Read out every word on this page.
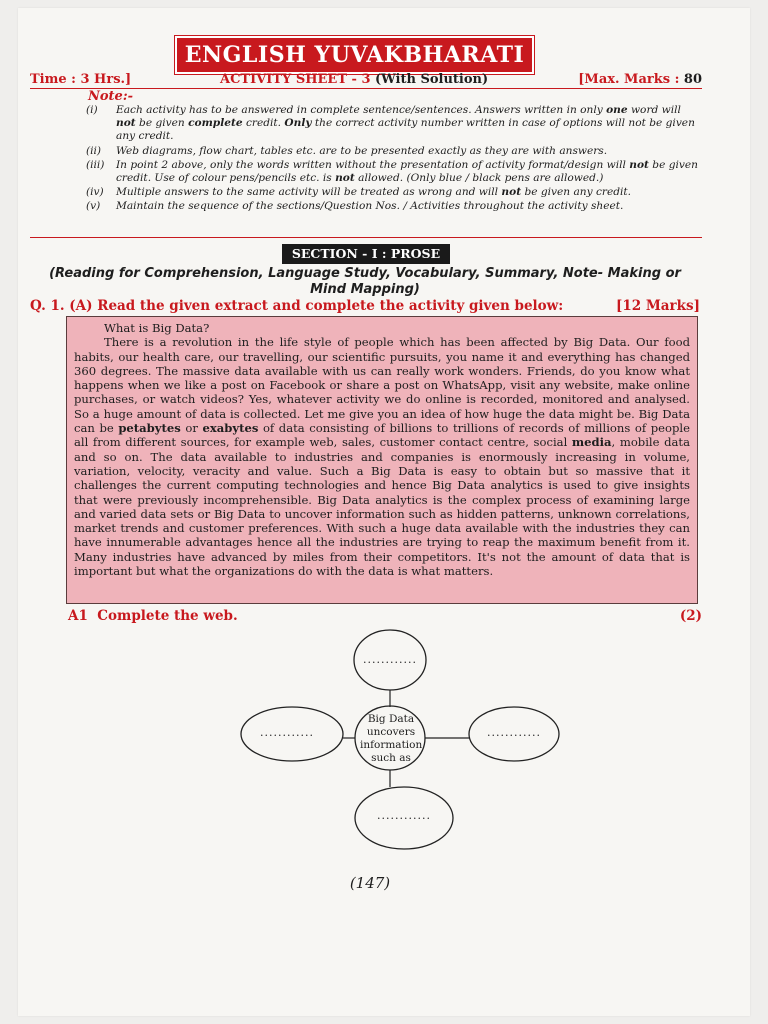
ENGLISH YUVAKBHARATI
Time : 3 Hrs.]	ACTIVITY SHEET - 3 (With Solution)	[Max. Marks : 80
Note:-
(i)	Each activity has to be answered in complete sentence/sentences. Answers written in only one word will not be given complete credit. Only the correct activity number written in case of options will not be given any credit.
(ii)	Web diagrams, flow chart, tables etc. are to be presented exactly as they are with answers.
(iii)	In point 2 above, only the words written without the presentation of activity format/design will not be given credit. Use of colour pens/pencils etc. is not allowed. (Only blue / black pens are allowed.)
(iv)	Multiple answers to the same activity will be treated as wrong and will not be given any credit.
(v)	Maintain the sequence of the sections/Question Nos. / Activities throughout the activity sheet.
SECTION - I : PROSE
(Reading for Comprehension, Language Study, Vocabulary, Summary, Note- Making or Mind Mapping)
Q. 1. (A) Read the given extract and complete the activity given below:	[12 Marks]
What is Big Data?
There is a revolution in the life style of people which has been affected by Big Data. Our food habits, our health care, our travelling, our scientific pursuits, you name it and everything has changed 360 degrees. The massive data available with us can really work wonders. Friends, do you know what happens when we like a post on Facebook or share a post on WhatsApp, visit any website, make online purchases, or watch videos? Yes, whatever activity we do online is recorded, monitored and analysed. So a huge amount of data is collected. Let me give you an idea of how huge the data might be. Big Data can be petabytes or exabytes of data consisting of billions to trillions of records of millions of people all from different sources, for example web, sales, customer contact centre, social media, mobile data and so on. The data available to industries and companies is enormously increasing in volume, variation, velocity, veracity and value. Such a Big Data is easy to obtain but so massive that it challenges the current computing technologies and hence Big Data analytics is used to give insights that were previously incomprehensible. Big Data analytics is the complex process of examining large and varied data sets or Big Data to uncover information such as hidden patterns, unknown correlations, market trends and customer preferences. With such a huge data available with the industries they can have innumerable advantages hence all the industries are trying to reap the maximum benefit from it. Many industries have advanced by miles from their competitors. It's not the amount of data that is important but what the organizations do with the data is what matters.
A1 Complete the web.	(2)
Big Data
uncovers
information
such as
............
............	............
............
(147)
